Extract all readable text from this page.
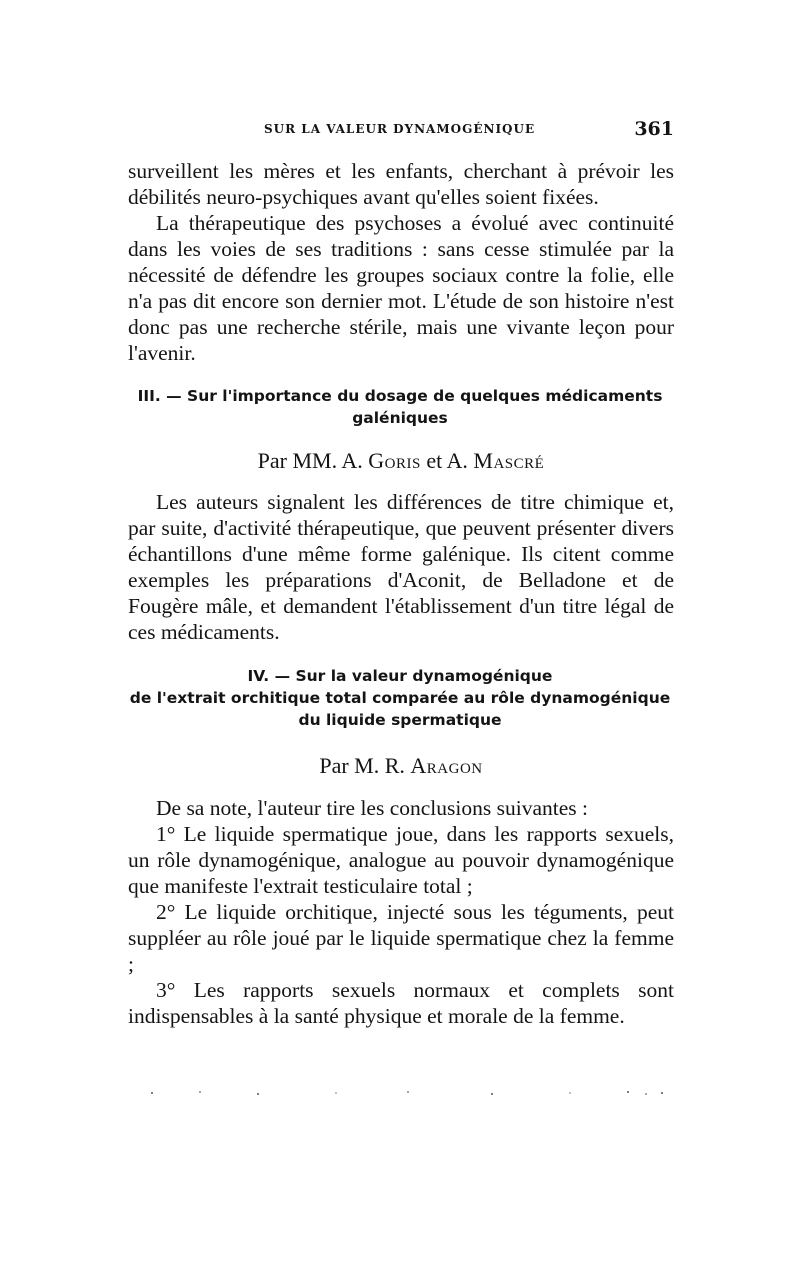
SUR LA VALEUR DYNAMOGÉNIQUE	361

surveillent les mères et les enfants, cherchant à prévoir les débilités neuro-psychiques avant qu'elles soient fixées.

La thérapeutique des psychoses a évolué avec continuité dans les voies de ses traditions : sans cesse stimulée par la nécessité de défendre les groupes sociaux contre la folie, elle n'a pas dit encore son dernier mot. L'étude de son histoire n'est donc pas une recherche stérile, mais une vivante leçon pour l'avenir.

III. — Sur l'importance du dosage de quelques médicaments
galéniques

Par MM. A. Goris et A. Mascré

Les auteurs signalent les différences de titre chimique et, par suite, d'activité thérapeutique, que peuvent présenter divers échantillons d'une même forme galénique. Ils citent comme exemples les préparations d'Aconit, de Belladone et de Fougère mâle, et demandent l'établissement d'un titre légal de ces médicaments.

IV. — Sur la valeur dynamogénique
de l'extrait orchitique total comparée au rôle dynamogénique
du liquide spermatique

Par M. R. Aragon

De sa note, l'auteur tire les conclusions suivantes :

1° Le liquide spermatique joue, dans les rapports sexuels, un rôle dynamogénique, analogue au pouvoir dynamogénique que manifeste l'extrait testiculaire total ;

2° Le liquide orchitique, injecté sous les téguments, peut suppléer au rôle joué par le liquide spermatique chez la femme ;

3° Les rapports sexuels normaux et complets sont indispensables à la santé physique et morale de la femme.
